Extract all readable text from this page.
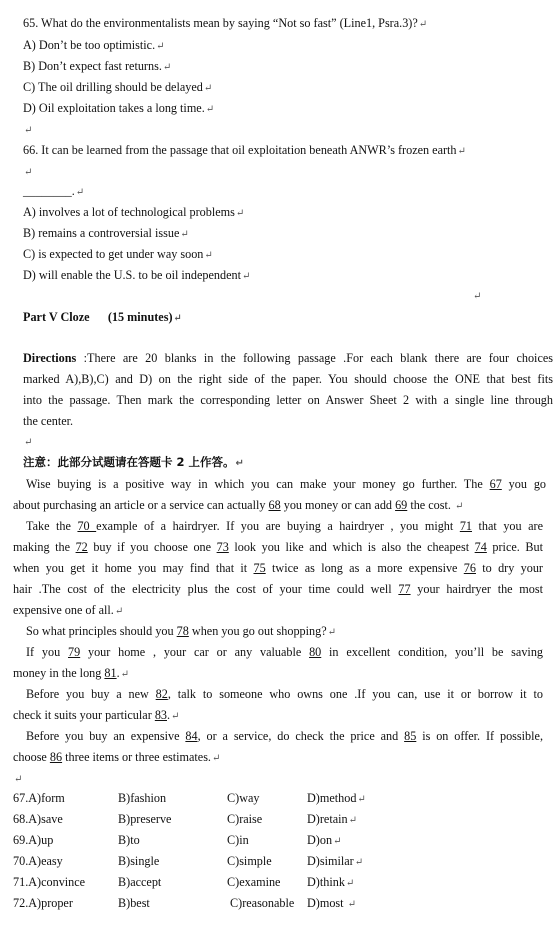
65. What do the environmentalists mean by saying “Not so fast” (Line1, Psra.3)?↵
A) Don’t be too optimistic.↵
B) Don’t expect fast returns.↵
C) The oil drilling should be delayed↵
D) Oil exploitation takes a long time.↵
↵
66. It can be learned from the passage that oil exploitation beneath ANWR’s frozen earth↵
↵
________.↵
A) involves a lot of technological problems↵
B) remains a controversial issue↵
C) is expected to get under way soon↵
D) will enable the U.S. to be oil independent↵
↵
Part V Cloze (15 minutes)↵
Directions :There are 20 blanks in the following passage .For each blank there are four choices
marked A),B),C) and D) on the right side of the paper. You should choose the ONE that best fits
into the passage. Then mark the corresponding letter on Answer Sheet 2 with a single line through
the center.
↵
注意：此部分试题请在答题卡 2 上作答。↵
Wise buying is a positive way in which you can make your money go further. The 67 you go
about purchasing an article or a service can actually 68 you money or can add 69 the cost. ↵
Take the 70 example of a hairdryer. If you are buying a hairdryer , you might 71 that you are
making the 72 buy if you choose one 73 look you like and which is also the cheapest 74 price. But
when you get it home you may find that it 75 twice as long as a more expensive 76 to dry your
hair .The cost of the electricity plus the cost of your time could well 77 your hairdryer the most
expensive one of all.↵
So what principles should you 78 when you go out shopping?↵
If you 79 your home , your car or any valuable 80 in excellent condition, you’ll be saving
money in the long 81.↵
Before you buy a new 82, talk to someone who owns one .If you can, use it or borrow it to
check it suits your particular 83.↵
Before you buy an expensive 84, or a service, do check the price and 85 is on offer. If possible,
choose 86 three items or three estimates.↵
↵
67.A)form	B)fashion	C)way	D)method↵
68.A)save	B)preserve	C)raise	D)retain↵
69.A)up	B)to	C)in	D)on↵
70.A)easy	B)single	C)simple	D)similar↵
71.A)convince	B)accept	C)examine D)think↵
72.A)proper	B)best	C)reasonable D)most ↵
